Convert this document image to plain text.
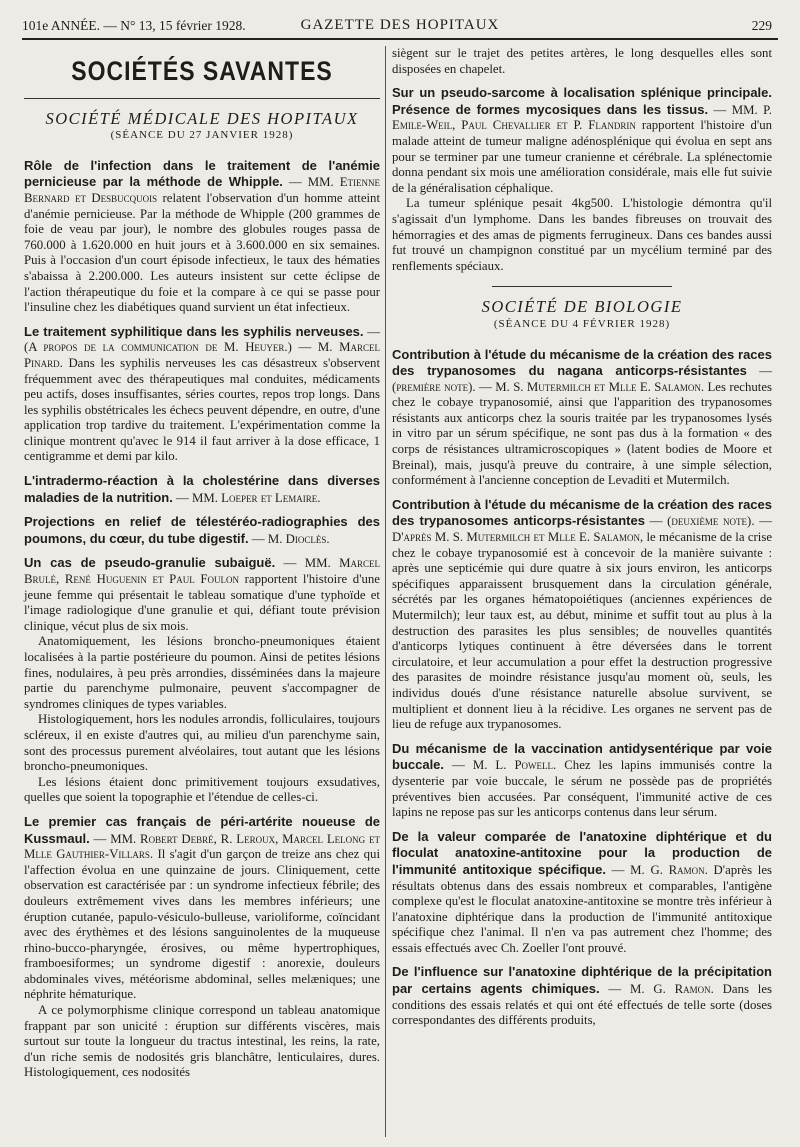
101e ANNÉE. — N° 13, 15 février 1928.	GAZETTE DES HOPITAUX	229
SOCIÉTÉS SAVANTES
SOCIÉTÉ MÉDICALE DES HOPITAUX
(SÉANCE DU 27 JANVIER 1928)

Rôle de l'infection dans le traitement de l'anémie pernicieuse par la méthode de Whipple. — MM. Etienne Bernard et Desbucquois relatent l'observation d'un homme atteint d'anémie pernicieuse. Par la méthode de Whipple (200 grammes de foie de veau par jour), le nombre des globules rouges passa de 760.000 à 1.620.000 en huit jours et à 3.600.000 en six semaines. Puis à l'occasion d'un court épisode infectieux, le taux des hématies s'abaissa à 2.200.000. Les auteurs insistent sur cette éclipse de l'action thérapeutique du foie et la compare à ce qui se passe pour l'insuline chez les diabétiques quand survient un état infectieux.

Le traitement syphilitique dans les syphilis nerveuses. — (A propos de la communication de M. Heuyer.) — M. Marcel Pinard. Dans les syphilis nerveuses les cas désastreux s'observent fréquemment avec des thérapeutiques mal conduites, médicaments peu actifs, doses insuffisantes, séries courtes, repos trop longs. Dans les syphilis obstétricales les échecs peuvent dépendre, en outre, d'une application trop tardive du traitement. L'expérimentation comme la clinique montrent qu'avec le 914 il faut arriver à la dose efficace, 1 centigramme et demi par kilo.

L'intradermo-réaction à la cholestérine dans diverses maladies de la nutrition. — MM. Loeper et Lemaire.

Projections en relief de télestéréo-radiographies des poumons, du cœur, du tube digestif. — M. Dioclès.

Un cas de pseudo-granulie subaiguë. — MM. Marcel Brulé, René Huguenin et Paul Foulon rapportent l'histoire d'une jeune femme qui présentait le tableau somatique d'une typhoïde et l'image radiologique d'une granulie et qui, défiant toute prévision clinique, vécut plus de six mois.

Anatomiquement, les lésions broncho-pneumoniques étaient localisées à la partie postérieure du poumon. Ainsi de petites lésions fines, nodulaires, à peu près arrondies, disséminées dans la majeure partie du parenchyme pulmonaire, peuvent s'accompagner de syndromes cliniques de types variables.

Histologiquement, hors les nodules arrondis, folliculaires, toujours scléreux, il en existe d'autres qui, au milieu d'un parenchyme sain, sont des processus purement alvéolaires, tout autant que les lésions broncho-pneumoniques.

Les lésions étaient donc primitivement toujours exsudatives, quelles que soient la topographie et l'étendue de celles-ci.

Le premier cas français de péri-artérite noueuse de Kussmaul. — MM. Robert Debré, R. Leroux, Marcel Lelong et Mlle Gauthier-Villars. Il s'agit d'un garçon de treize ans chez qui l'affection évolua en une quinzaine de jours. Cliniquement, cette observation est caractérisée par : un syndrome infectieux fébrile; des douleurs extrêmement vives dans les membres inférieurs; une éruption cutanée, papulo-vésiculo-bulleuse, varioliforme, coïncidant avec des érythèmes et des lésions sanguinolentes de la muqueuse rhino-bucco-pharyngée, érosives, ou même hypertrophiques, framboesiformes; un syndrome digestif : anorexie, douleurs abdominales vives, météorisme abdominal, selles melæniques; une néphrite hématurique.

A ce polymorphisme clinique correspond un tableau anatomique frappant par son unicité : éruption sur différents viscères, mais surtout sur toute la longueur du tractus intestinal, les reins, la rate, d'un riche semis de nodosités gris blanchâtre, lenticulaires, dures. Histologiquement, ces nodosités

siègent sur le trajet des petites artères, le long desquelles elles sont disposées en chapelet.

Sur un pseudo-sarcome à localisation splénique principale. Présence de formes mycosiques dans les tissus. — MM. P. Emile-Weil, Paul Chevallier et P. Flandrin rapportent l'histoire d'un malade atteint de tumeur maligne adénosplénique qui évolua en sept ans pour se terminer par une tumeur cranienne et cérébrale. La splénectomie donna pendant six mois une amélioration considérale, mais elle fut suivie de la généralisation céphalique.

La tumeur splénique pesait 4kg500. L'histologie démontra qu'il s'agissait d'un lymphome. Dans les bandes fibreuses on trouvait des hémorragies et des amas de pigments ferrugineux. Dans ces bandes aussi fut trouvé un champignon constitué par un mycélium terminé par des renflements spéciaux.

SOCIÉTÉ DE BIOLOGIE
(SÉANCE DU 4 FÉVRIER 1928)

Contribution à l'étude du mécanisme de la création des races des trypanosomes du nagana anticorps-résistantes — (première note). — M. S. Mutermilch et Mlle E. Salamon. Les rechutes chez le cobaye trypanosomié, ainsi que l'apparition des trypanosomes résistants aux anticorps chez la souris traitée par les trypanosomes lysés in vitro par un sérum spécifique, ne sont pas dus à la formation « des corps de résistances ultramicroscopiques » (latent bodies de Moore et Breinal), mais, jusqu'à preuve du contraire, à une simple sélection, conformément à l'ancienne conception de Levaditi et Mutermilch.

Contribution à l'étude du mécanisme de la création des races des trypanosomes anticorps-résistantes — (deuxième note). — D'après M. S. Mutermilch et Mlle E. Salamon, le mécanisme de la crise chez le cobaye trypanosomié est à concevoir de la manière suivante : après une septicémie qui dure quatre à six jours environ, les anticorps spécifiques apparaissent brusquement dans la circulation générale, sécrétés par les organes hématopoiétiques (anciennes expériences de Mutermilch); leur taux est, au début, minime et suffit tout au plus à la destruction des parasites les plus sensibles; de nouvelles quantités d'anticorps lytiques continuent à être déversées dans le torrent circulatoire, et leur accumulation a pour effet la destruction progressive des parasites de moindre résistance jusqu'au moment où, seuls, les individus doués d'une résistance naturelle absolue survivent, se multiplient et donnent lieu à la récidive. Les organes ne servent pas de lieu de refuge aux trypanosomes.

Du mécanisme de la vaccination antidysentérique par voie buccale. — M. L. Powell. Chez les lapins immunisés contre la dysenterie par voie buccale, le sérum ne possède pas de propriétés préventives bien accusées. Par conséquent, l'immunité active de ces lapins ne repose pas sur les anticorps contenus dans leur sérum.

De la valeur comparée de l'anatoxine diphtérique et du floculat anatoxine-antitoxine pour la production de l'immunité antitoxique spécifique. — M. G. Ramon. D'après les résultats obtenus dans des essais nombreux et comparables, l'antigène complexe qu'est le floculat anatoxine-antitoxine se montre très inférieur à l'anatoxine diphtérique dans la production de l'immunité antitoxique spécifique chez l'animal. Il n'en va pas autrement chez l'homme; des essais effectués avec Ch. Zoeller l'ont prouvé.

De l'influence sur l'anatoxine diphtérique de la précipitation par certains agents chimiques. — M. G. Ramon. Dans les conditions des essais relatés et qui ont été effectués de telle sorte (doses correspondantes des différents produits,
